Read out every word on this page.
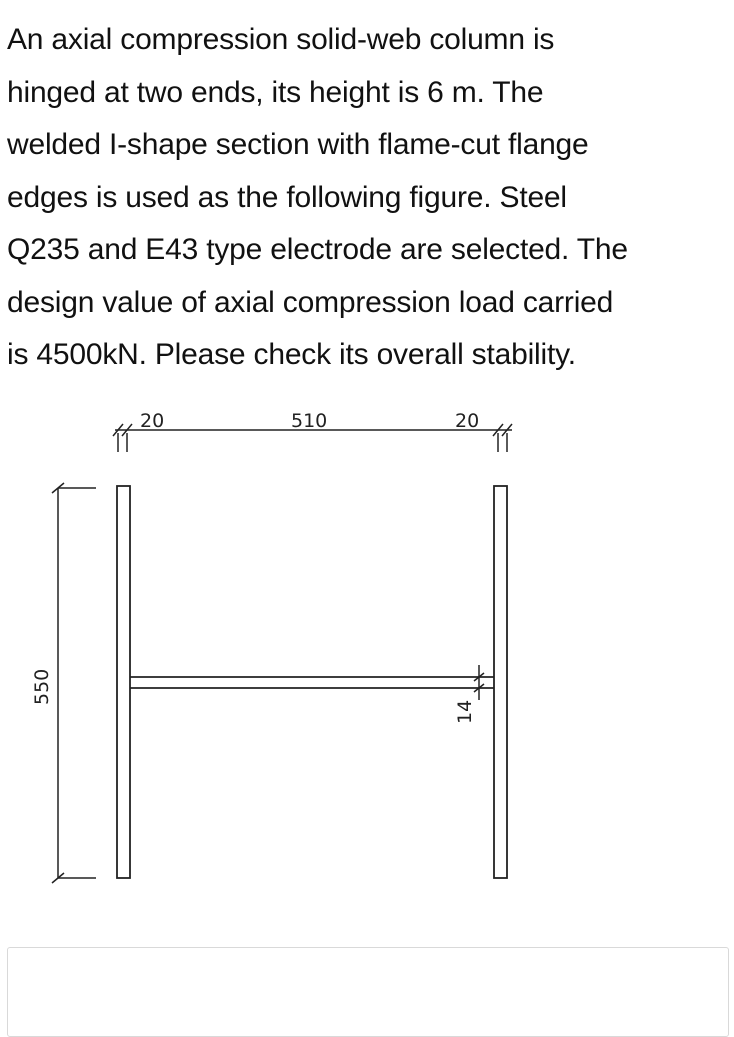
An axial compression solid-web column is
hinged at two ends, its height is 6 m. The
welded I-shape section with flame-cut flange
edges is used as the following figure. Steel
Q235 and E43 type electrode are selected. The
design value of axial compression load carried
is 4500kN. Please check its overall stability.
20	510	20
550
14
